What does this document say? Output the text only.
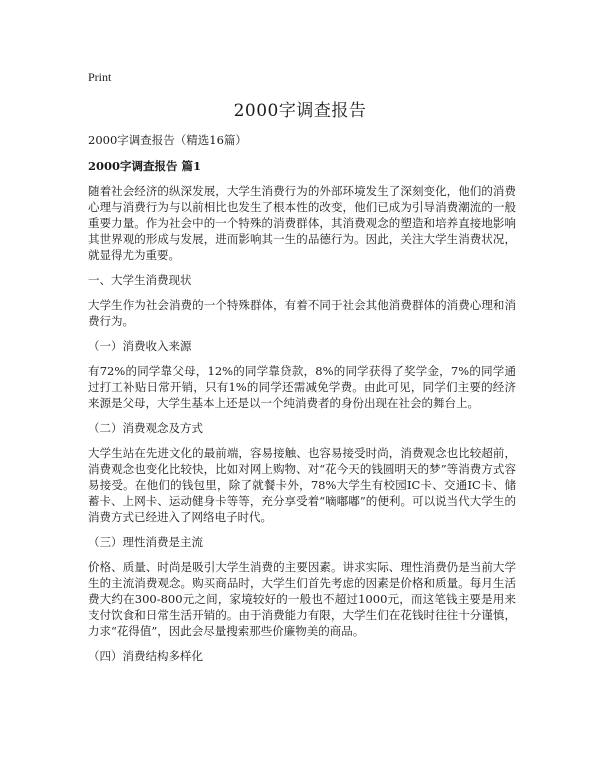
Print
2000字调查报告

2000字调查报告（精选16篇）

2000字调查报告 篇1

随着社会经济的纵深发展，大学生消费行为的外部环境发生了深刻变化，他们的消费心理与消费行为与以前相比也发生了根本性的改变，他们已成为引导消费潮流的一般重要力量。作为社会中的一个特殊的消费群体，其消费观念的塑造和培养直接地影响其世界观的形成与发展，进而影响其一生的品德行为。因此，关注大学生消费状况，就显得尤为重要。

一、大学生消费现状

大学生作为社会消费的一个特殊群体，有着不同于社会其他消费群体的消费心理和消费行为。

（一）消费收入来源

有72%的同学靠父母，12%的同学靠贷款，8%的同学获得了奖学金，7%的同学通过打工补贴日常开销，只有1%的同学还需减免学费。由此可见，同学们主要的经济来源是父母，大学生基本上还是以一个纯消费者的身份出现在社会的舞台上。

（二）消费观念及方式

大学生站在先进文化的最前端，容易接触、也容易接受时尚，消费观念也比较超前，消费观念也变化比较快，比如对网上购物、对“花今天的钱圆明天的梦”等消费方式容易接受。在他们的钱包里，除了就餐卡外，78%大学生有校园IC卡、交通IC卡、储蓄卡、上网卡、运动健身卡等等，充分享受着“嘀嘟嘟”的便利。可以说当代大学生的消费方式已经进入了网络电子时代。

（三）理性消费是主流

价格、质量、时尚是吸引大学生消费的主要因素。讲求实际、理性消费仍是当前大学生的主流消费观念。购买商品时，大学生们首先考虑的因素是价格和质量。每月生活费大约在300-800元之间，家境较好的一般也不超过1000元，而这笔钱主要是用来支付饮食和日常生活开销的。由于消费能力有限，大学生们在花钱时往往十分谨慎，力求“花得值”，因此会尽量搜索那些价廉物美的商品。

（四）消费结构多样化
